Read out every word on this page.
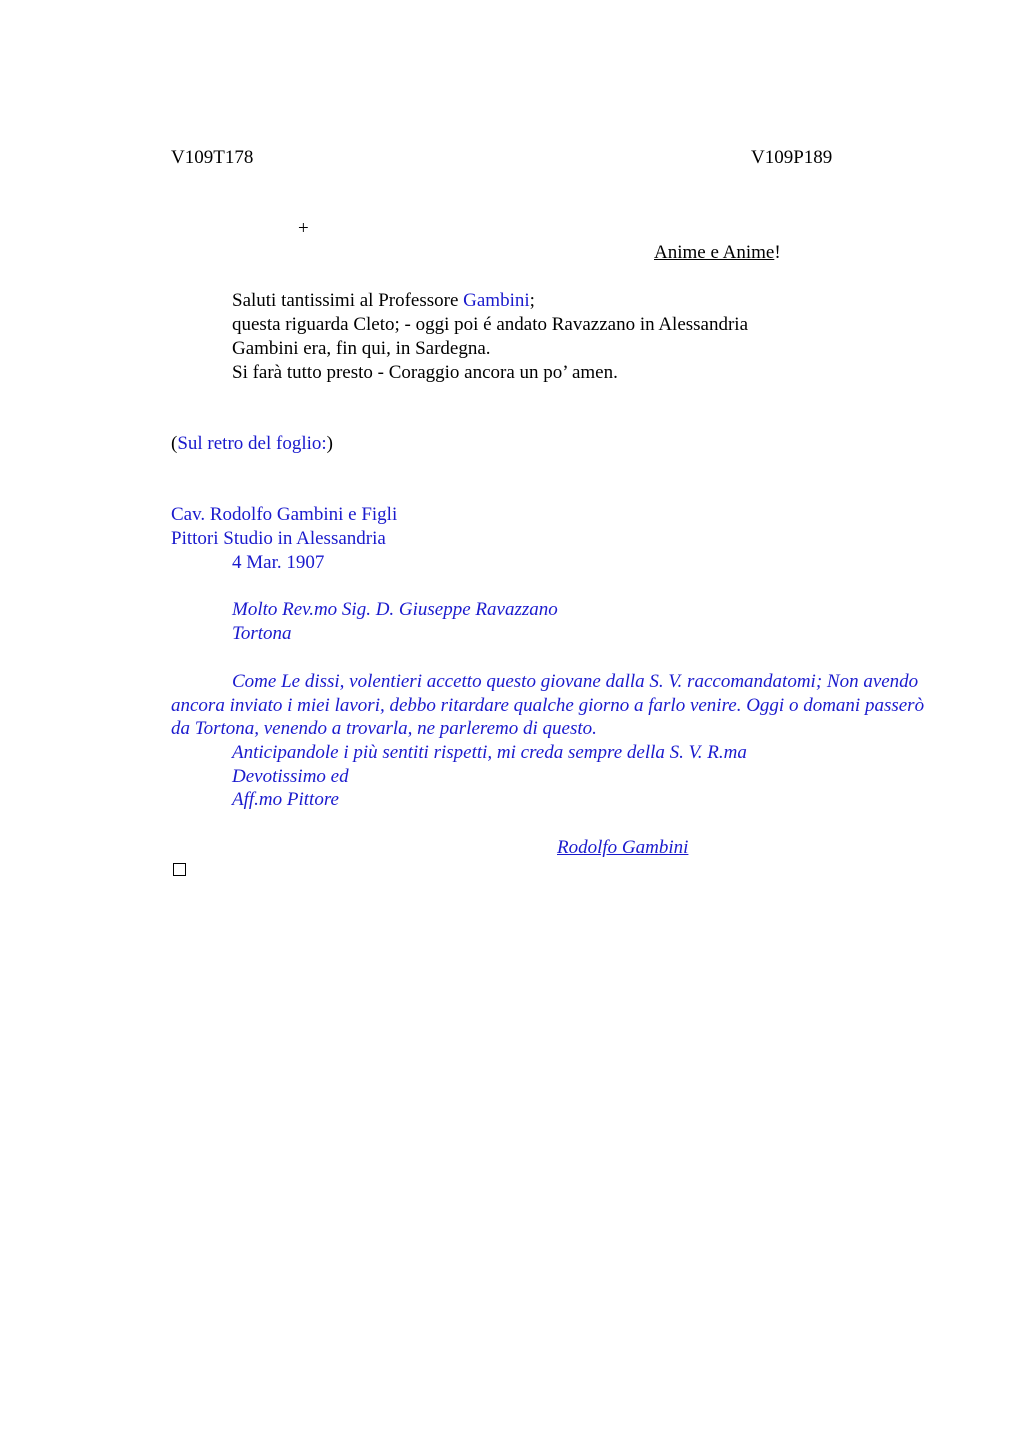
V109T178	V109P189
+
Anime e Anime!
Saluti tantissimi al Professore Gambini;
questa riguarda Cleto; - oggi poi é andato Ravazzano in Alessandria
Gambini era, fin qui, in Sardegna.
Si farà tutto presto - Coraggio ancora un po’ amen.
(Sul retro del foglio:)
Cav. Rodolfo Gambini e Figli
Pittori Studio in Alessandria
4 Mar. 1907
Molto Rev.mo Sig. D. Giuseppe Ravazzano
Tortona
Come Le dissi, volentieri accetto questo giovane dalla S. V. raccomandatomi; Non avendo ancora inviato i miei lavori, debbo ritardare qualche giorno a farlo venire. Oggi o domani passerò da Tortona, venendo a trovarla, ne parleremo di questo.
Anticipandole i più sentiti rispetti, mi creda sempre della S. V. R.ma
Devotissimo ed
Aff.mo Pittore
Rodolfo Gambini
